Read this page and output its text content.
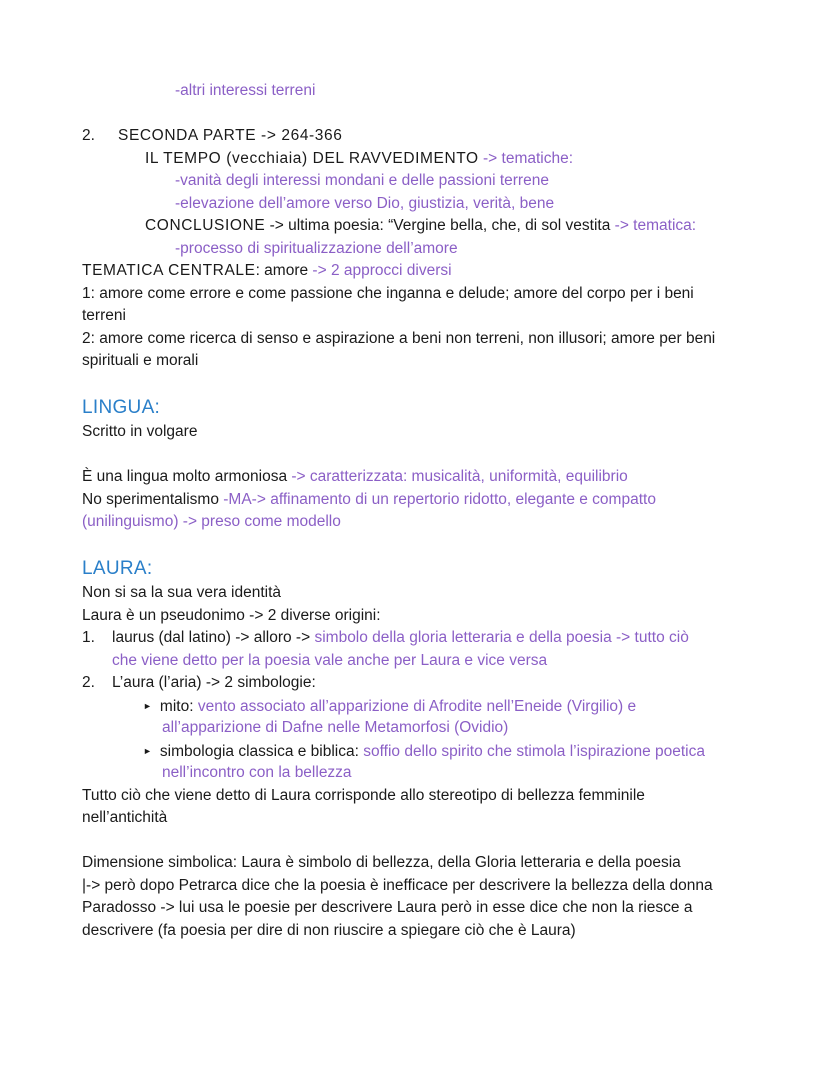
-altri interessi terreni
2. SECONDA PARTE -> 264-366
IL TEMPO (vecchiaia) DEL RAVVEDIMENTO -> tematiche:
-vanità degli interessi mondani e delle passioni terrene
-elevazione dell’amore verso Dio, giustizia, verità, bene
CONCLUSIONE -> ultima poesia: “Vergine bella, che, di sol vestita -> tematica:
-processo di spiritualizzazione dell’amore
TEMATICA CENTRALE: amore -> 2 approcci diversi
1: amore come errore e come passione che inganna e delude; amore del corpo per i beni
terreni
2: amore come ricerca di senso e aspirazione a beni non terreni, non illusori; amore per beni
spirituali e morali
LINGUA:
Scritto in volgare
È una lingua molto armoniosa -> caratterizzata: musicalità, uniformità, equilibrio
No sperimentalismo -MA-> affinamento di un repertorio ridotto, elegante e compatto
(unilinguismo) -> preso come modello
LAURA:
Non si sa la sua vera identità
Laura è un pseudonimo -> 2 diverse origini:
1. laurus (dal latino) -> alloro -> simbolo della gloria letteraria e della poesia -> tutto ciò
che viene detto per la poesia vale anche per Laura e vice versa
2. L’aura (l’aria) -> 2 simbologie:
► mito: vento associato all’apparizione di Afrodite nell’Eneide (Virgilio) e
all’apparizione di Dafne nelle Metamorfosi (Ovidio)
► simbologia classica e biblica: soffio dello spirito che stimola l’ispirazione poetica
nell’incontro con la bellezza
Tutto ciò che viene detto di Laura corrisponde allo stereotipo di bellezza femminile
nell’antichità
Dimensione simbolica: Laura è simbolo di bellezza, della Gloria letteraria e della poesia
|-> però dopo Petrarca dice che la poesia è inefficace per descrivere la bellezza della donna
Paradosso -> lui usa le poesie per descrivere Laura però in esse dice che non la riesce a
descrivere (fa poesia per dire di non riuscire a spiegare ciò che è Laura)
